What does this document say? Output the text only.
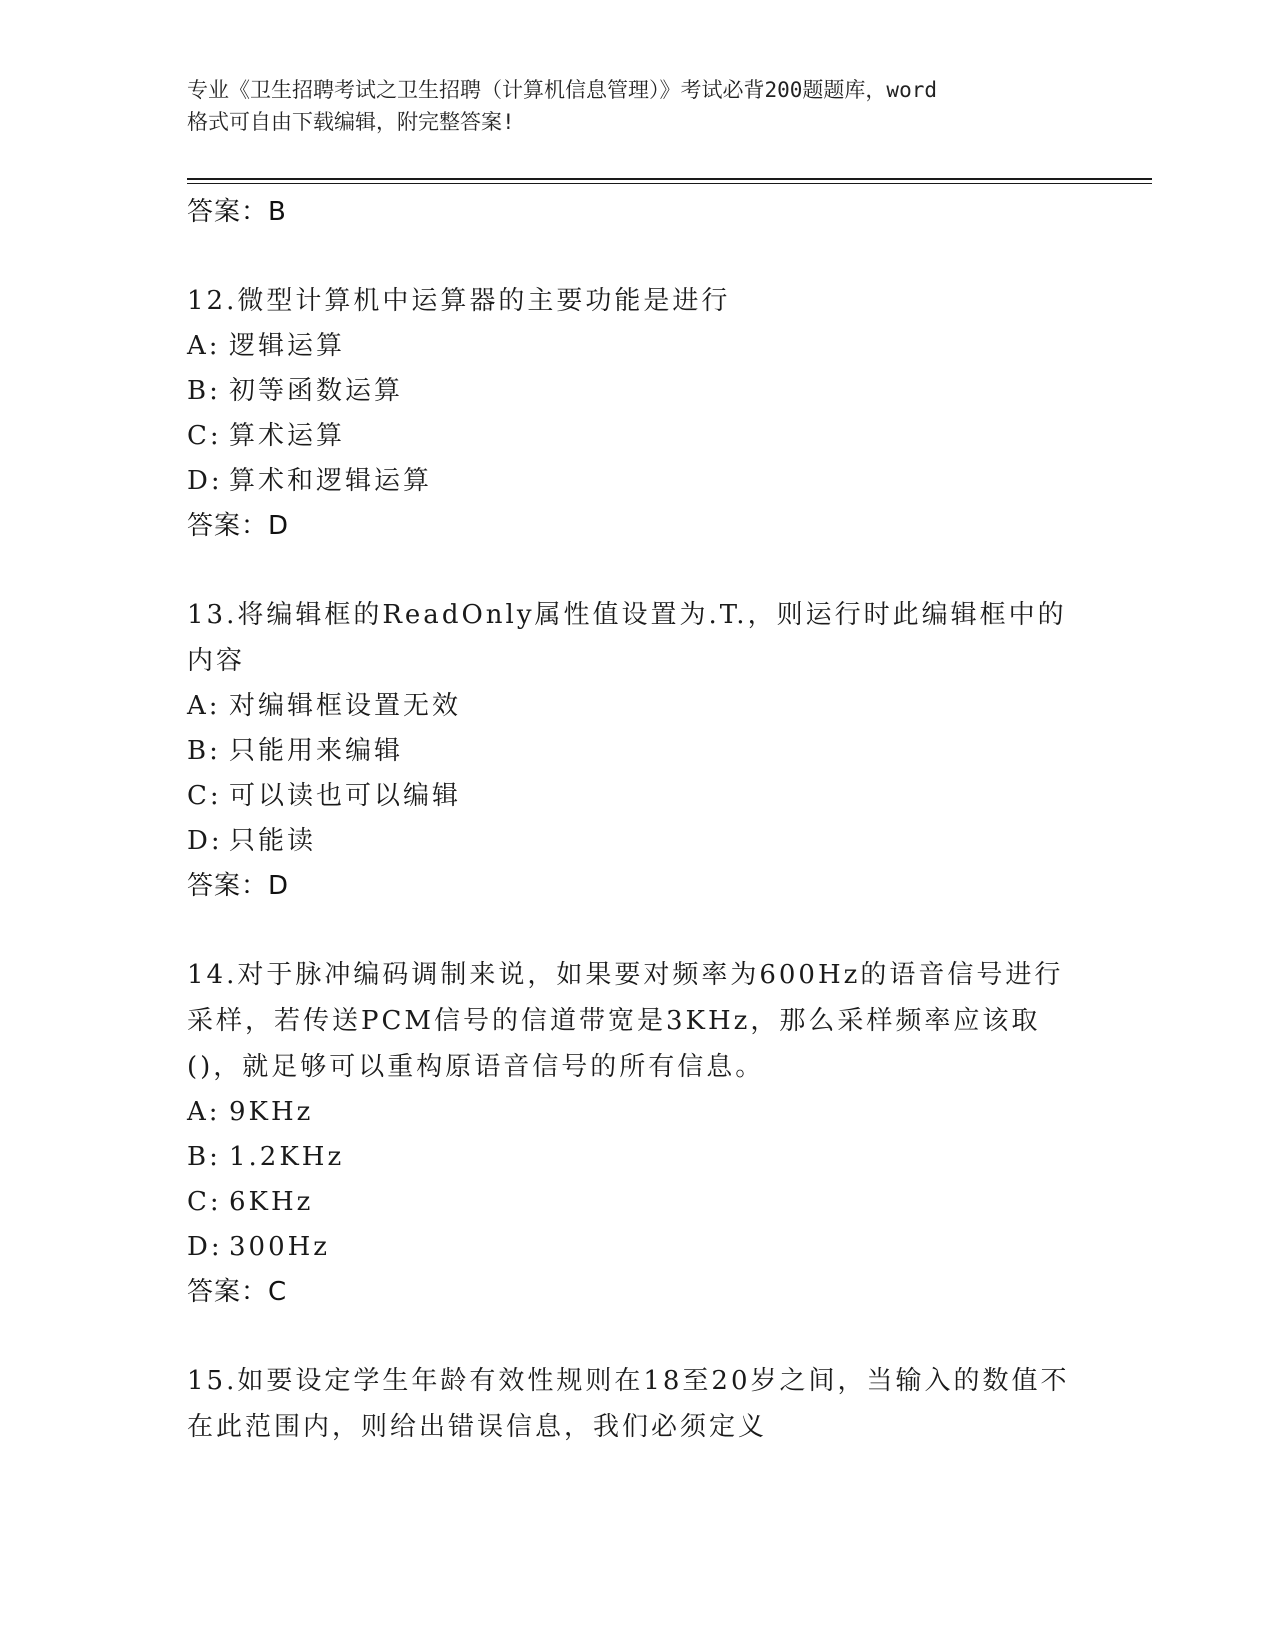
专业《卫生招聘考试之卫生招聘（计算机信息管理）》考试必背200题题库，word
格式可自由下载编辑，附完整答案!
答案：B
12.微型计算机中运算器的主要功能是进行
A: 逻辑运算
B: 初等函数运算
C: 算术运算
D: 算术和逻辑运算
答案：D
13.将编辑框的ReadOnly属性值设置为.T.，则运行时此编辑框中的内容
A: 对编辑框设置无效
B: 只能用来编辑
C: 可以读也可以编辑
D: 只能读
答案：D
14.对于脉冲编码调制来说，如果要对频率为600Hz的语音信号进行采样，若传送PCM信号的信道带宽是3KHz，那么采样频率应该取()，就足够可以重构原语音信号的所有信息。
A: 9KHz
B: 1.2KHz
C: 6KHz
D: 300Hz
答案：C
15.如要设定学生年龄有效性规则在18至20岁之间，当输入的数值不在此范围内，则给出错误信息，我们必须定义
